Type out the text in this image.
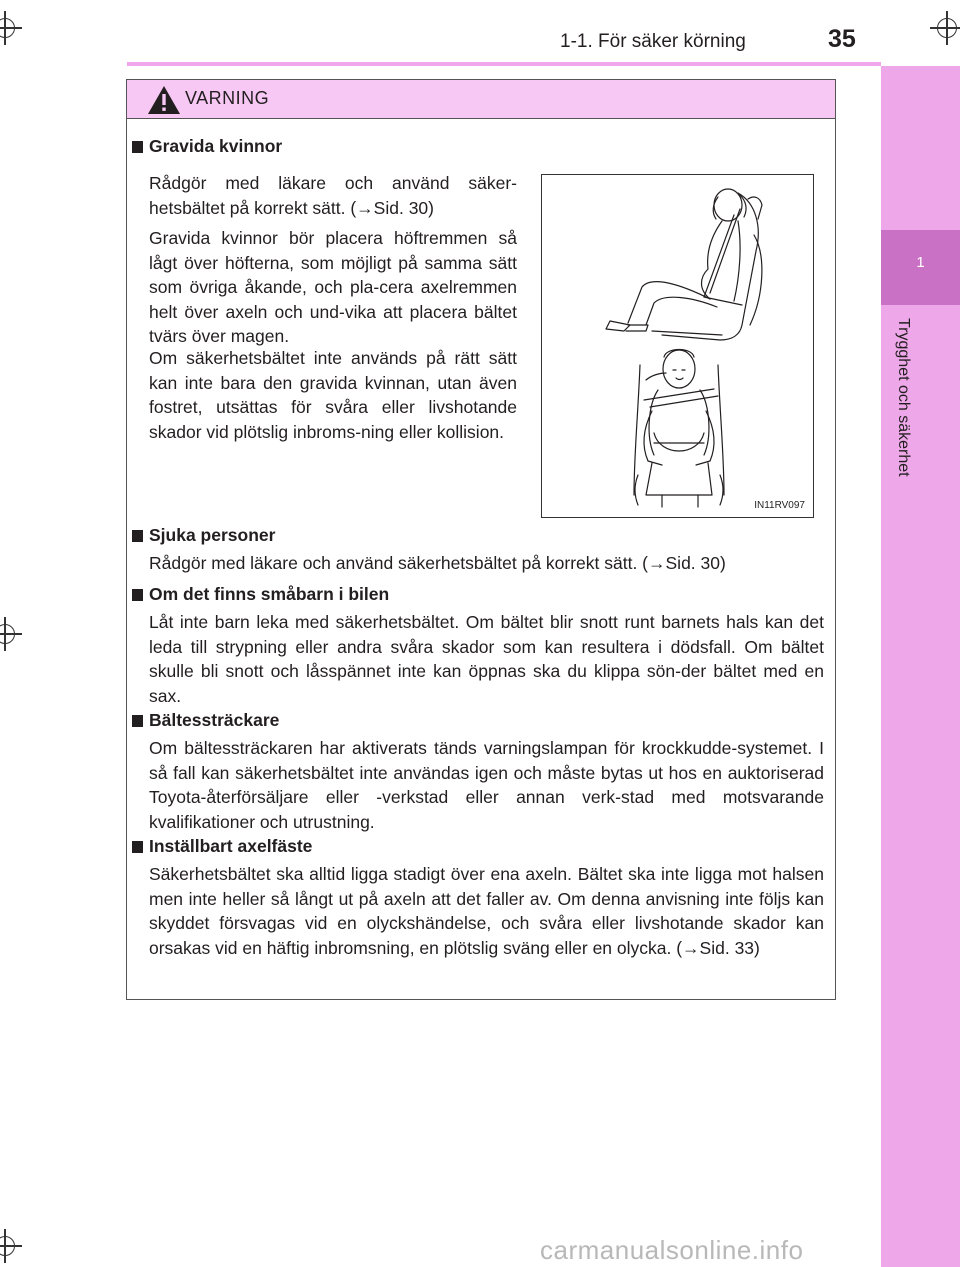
1-1. För säker körning	35
1
Trygghet och säkerhet
VARNING
Gravida kvinnor
Rådgör med läkare och använd säker-hetsbältet på korrekt sätt. (→Sid. 30)
Gravida kvinnor bör placera höftremmen så lågt över höfterna, som möjligt på samma sätt som övriga åkande, och pla-cera axelremmen helt över axeln och und-vika att placera bältet tvärs över magen.
Om säkerhetsbältet inte används på rätt sätt kan inte bara den gravida kvinnan, utan även fostret, utsättas för svåra eller livshotande skador vid plötslig inbroms-ning eller kollision.
Sjuka personer
Rådgör med läkare och använd säkerhetsbältet på korrekt sätt. (→Sid. 30)
Om det finns småbarn i bilen
Låt inte barn leka med säkerhetsbältet. Om bältet blir snott runt barnets hals kan det leda till strypning eller andra svåra skador som kan resultera i dödsfall. Om bältet skulle bli snott och låsspännet inte kan öppnas ska du klippa sön-der bältet med en sax.
Bältessträckare
Om bältessträckaren har aktiverats tänds varningslampan för krockkudde-systemet. I så fall kan säkerhetsbältet inte användas igen och måste bytas ut hos en auktoriserad Toyota-återförsäljare eller -verkstad eller annan verk-stad med motsvarande kvalifikationer och utrustning.
Inställbart axelfäste
Säkerhetsbältet ska alltid ligga stadigt över ena axeln. Bältet ska inte ligga mot halsen men inte heller så långt ut på axeln att det faller av. Om denna anvisning inte följs kan skyddet försvagas vid en olyckshändelse, och svåra eller livshotande skador kan orsakas vid en häftig inbromsning, en plötslig sväng eller en olycka. (→Sid. 33)
IN11RV097
carmanualsonline.info
